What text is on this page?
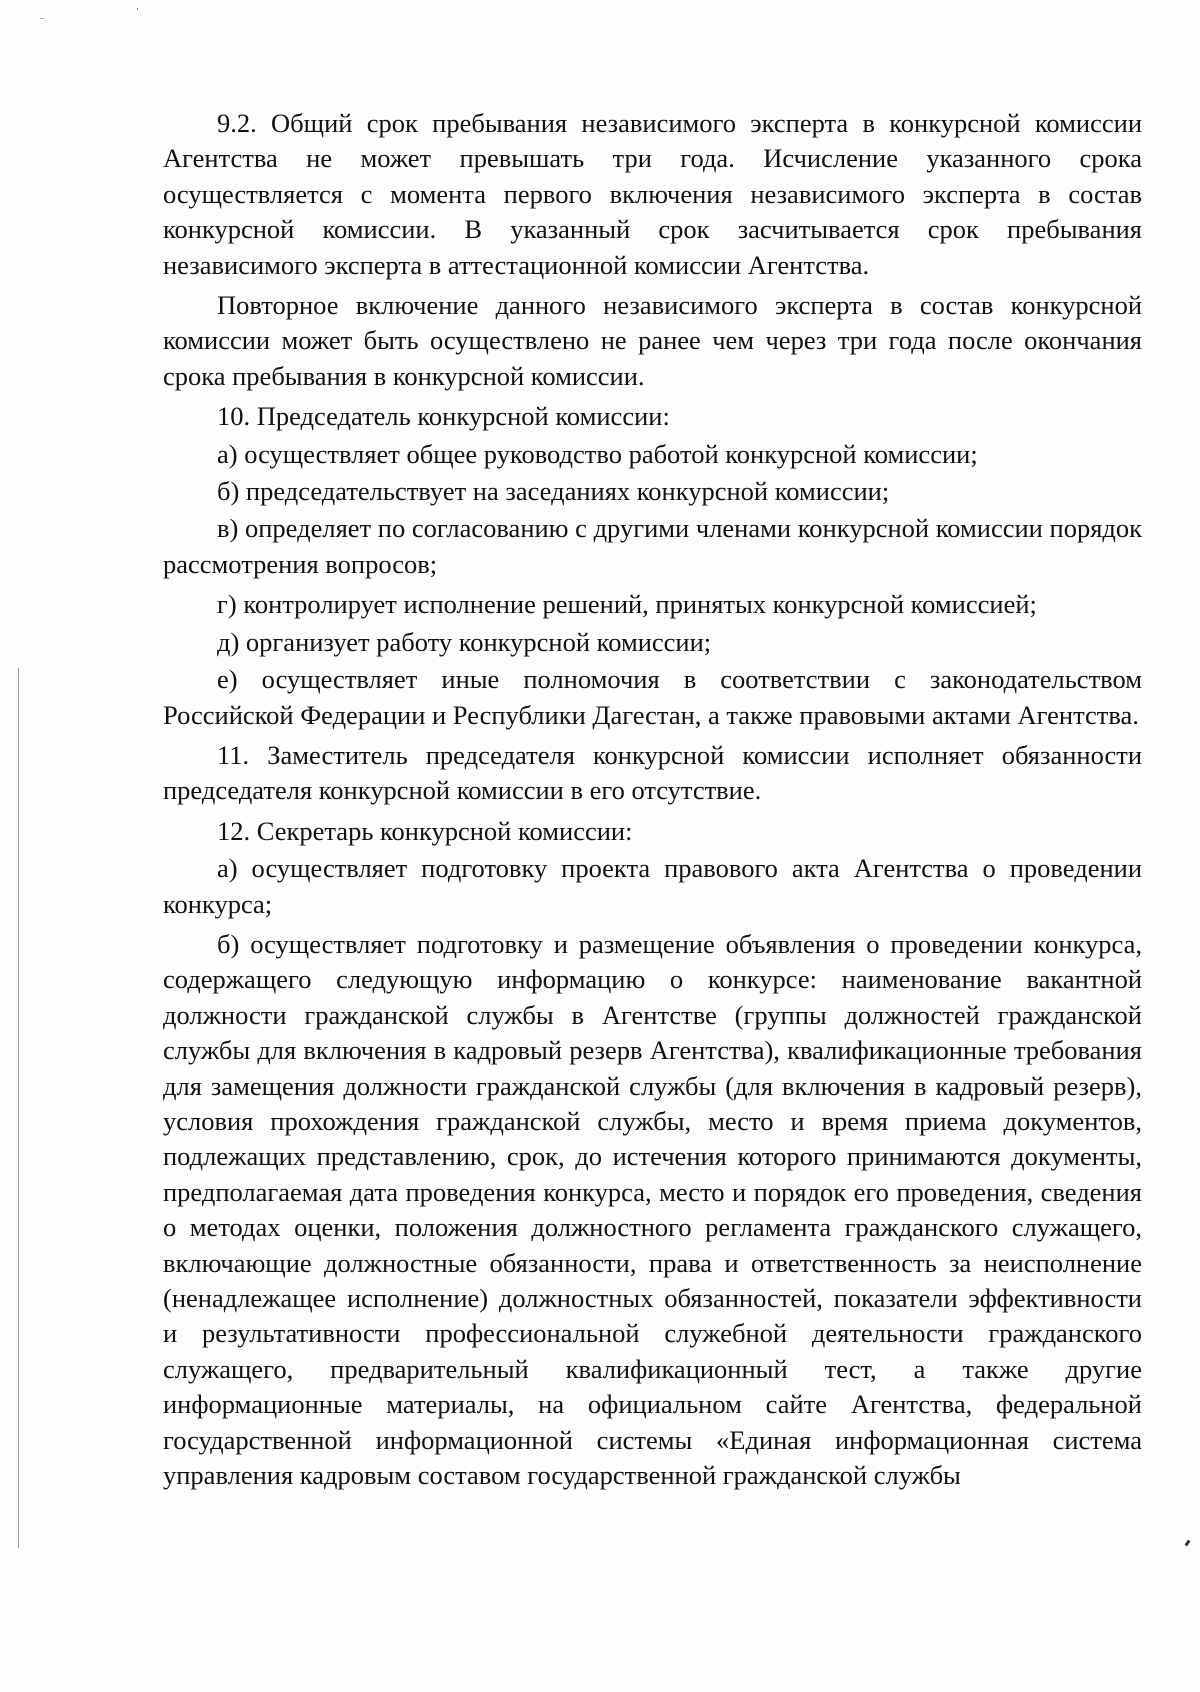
9.2. Общий срок пребывания независимого эксперта в конкурсной комиссии Агентства не может превышать три года. Исчисление указанного срока осуществляется с момента первого включения независимого эксперта в состав конкурсной комиссии. В указанный срок засчитывается срок пребывания независимого эксперта в аттестационной комиссии Агентства.

Повторное включение данного независимого эксперта в состав конкурсной комиссии может быть осуществлено не ранее чем через три года после окончания срока пребывания в конкурсной комиссии.

10. Председатель конкурсной комиссии:

а) осуществляет общее руководство работой конкурсной комиссии;

б) председательствует на заседаниях конкурсной комиссии;

в) определяет по согласованию с другими членами конкурсной комиссии порядок рассмотрения вопросов;

г) контролирует исполнение решений, принятых конкурсной комиссией;

д) организует работу конкурсной комиссии;

е) осуществляет иные полномочия в соответствии с законодательством Российской Федерации и Республики Дагестан, а также правовыми актами Агентства.

11. Заместитель председателя конкурсной комиссии исполняет обязанности председателя конкурсной комиссии в его отсутствие.

12. Секретарь конкурсной комиссии:

а) осуществляет подготовку проекта правового акта Агентства о проведении конкурса;

б) осуществляет подготовку и размещение объявления о проведении конкурса, содержащего следующую информацию о конкурсе: наименование вакантной должности гражданской службы в Агентстве (группы должностей гражданской службы для включения в кадровый резерв Агентства), квалификационные требования для замещения должности гражданской службы (для включения в кадровый резерв), условия прохождения гражданской службы, место и время приема документов, подлежащих представлению, срок, до истечения которого принимаются документы, предполагаемая дата проведения конкурса, место и порядок его проведения, сведения о методах оценки, положения должностного регламента гражданского служащего, включающие должностные обязанности, права и ответственность за неисполнение (ненадлежащее исполнение) должностных обязанностей, показатели эффективности и результативности профессиональной служебной деятельности гражданского служащего, предварительный квалификационный тест, а также другие информационные материалы, на официальном сайте Агентства, федеральной государственной информационной системы «Единая информационная система управления кадровым составом государственной гражданской службы
